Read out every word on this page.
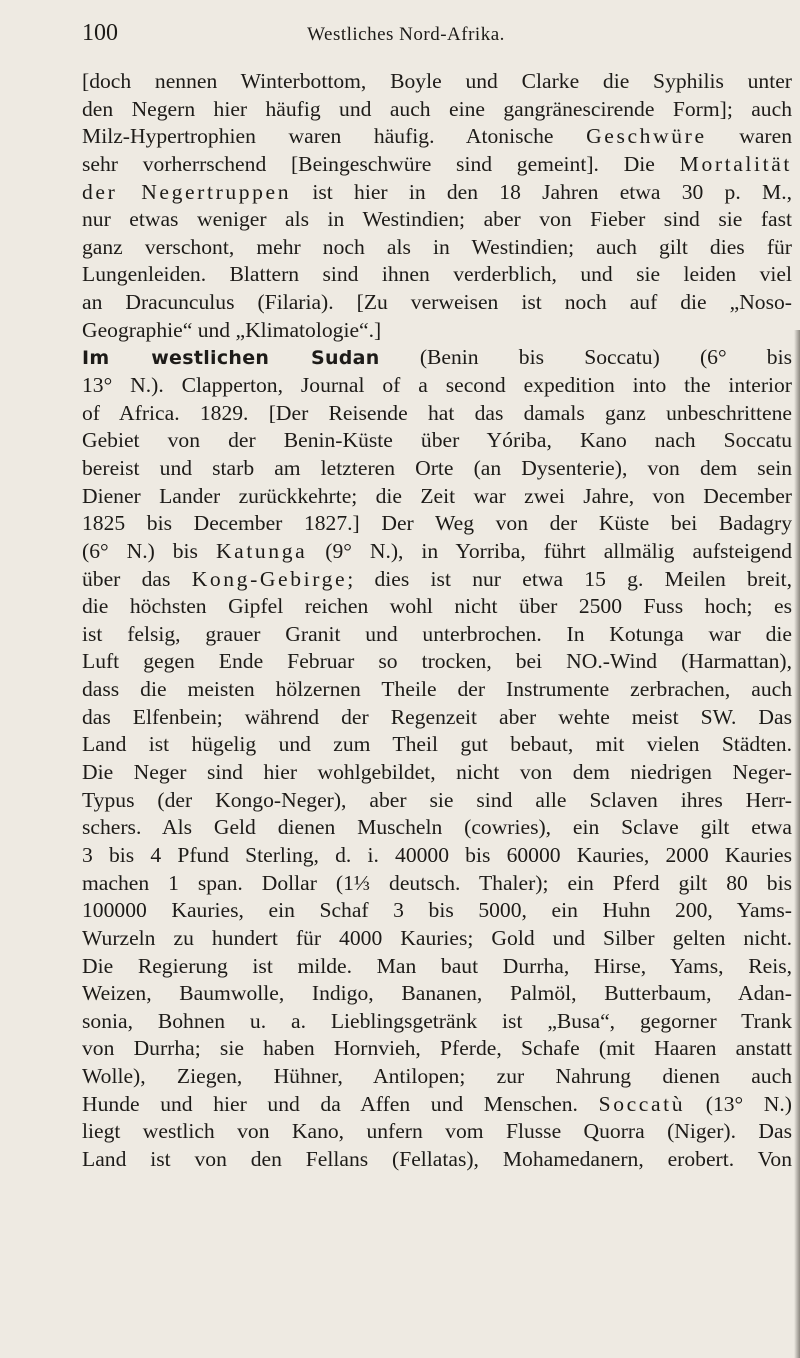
100	Westliches Nord-Afrika.
[doch nennen Winterbottom, Boyle und Clarke die Syphilis unter
den Negern hier häufig und auch eine gangränescirende Form]; auch
Milz-Hypertrophien waren häufig. Atonische Geschwüre waren
sehr vorherrschend [Beingeschwüre sind gemeint]. Die Mortalität
der Negertruppen ist hier in den 18 Jahren etwa 30 p. M.,
nur etwas weniger als in Westindien; aber von Fieber sind sie fast
ganz verschont, mehr noch als in Westindien; auch gilt dies für
Lungenleiden. Blattern sind ihnen verderblich, und sie leiden viel
an Dracunculus (Filaria). [Zu verweisen ist noch auf die „Noso-
Geographie“ und „Klimatologie“.]
Im westlichen Sudan (Benin bis Soccatu) (6° bis
13° N.). Clapperton, Journal of a second expedition into the interior
of Africa. 1829. [Der Reisende hat das damals ganz unbeschrittene
Gebiet von der Benin-Küste über Yóriba, Kano nach Soccatu
bereist und starb am letzteren Orte (an Dysenterie), von dem sein
Diener Lander zurückkehrte; die Zeit war zwei Jahre, von December
1825 bis December 1827.] Der Weg von der Küste bei Badagry
(6° N.) bis Katunga (9° N.), in Yorriba, führt allmälig aufsteigend
über das Kong-Gebirge; dies ist nur etwa 15 g. Meilen breit,
die höchsten Gipfel reichen wohl nicht über 2500 Fuss hoch; es
ist felsig, grauer Granit und unterbrochen. In Kotunga war die
Luft gegen Ende Februar so trocken, bei NO.-Wind (Harmattan),
dass die meisten hölzernen Theile der Instrumente zerbrachen, auch
das Elfenbein; während der Regenzeit aber wehte meist SW. Das
Land ist hügelig und zum Theil gut bebaut, mit vielen Städten.
Die Neger sind hier wohlgebildet, nicht von dem niedrigen Neger-
Typus (der Kongo-Neger), aber sie sind alle Sclaven ihres Herr-
schers. Als Geld dienen Muscheln (cowries), ein Sclave gilt etwa
3 bis 4 Pfund Sterling, d. i. 40000 bis 60000 Kauries, 2000 Kauries
machen 1 span. Dollar (1⅓ deutsch. Thaler); ein Pferd gilt 80 bis
100000 Kauries, ein Schaf 3 bis 5000, ein Huhn 200, Yams-
Wurzeln zu hundert für 4000 Kauries; Gold und Silber gelten nicht.
Die Regierung ist milde. Man baut Durrha, Hirse, Yams, Reis,
Weizen, Baumwolle, Indigo, Bananen, Palmöl, Butterbaum, Adan-
sonia, Bohnen u. a. Lieblingsgetränk ist „Busa“, gegorner Trank
von Durrha; sie haben Hornvieh, Pferde, Schafe (mit Haaren anstatt
Wolle), Ziegen, Hühner, Antilopen; zur Nahrung dienen auch
Hunde und hier und da Affen und Menschen. Soccatù (13° N.)
liegt westlich von Kano, unfern vom Flusse Quorra (Niger). Das
Land ist von den Fellans (Fellatas), Mohamedanern, erobert. Von
